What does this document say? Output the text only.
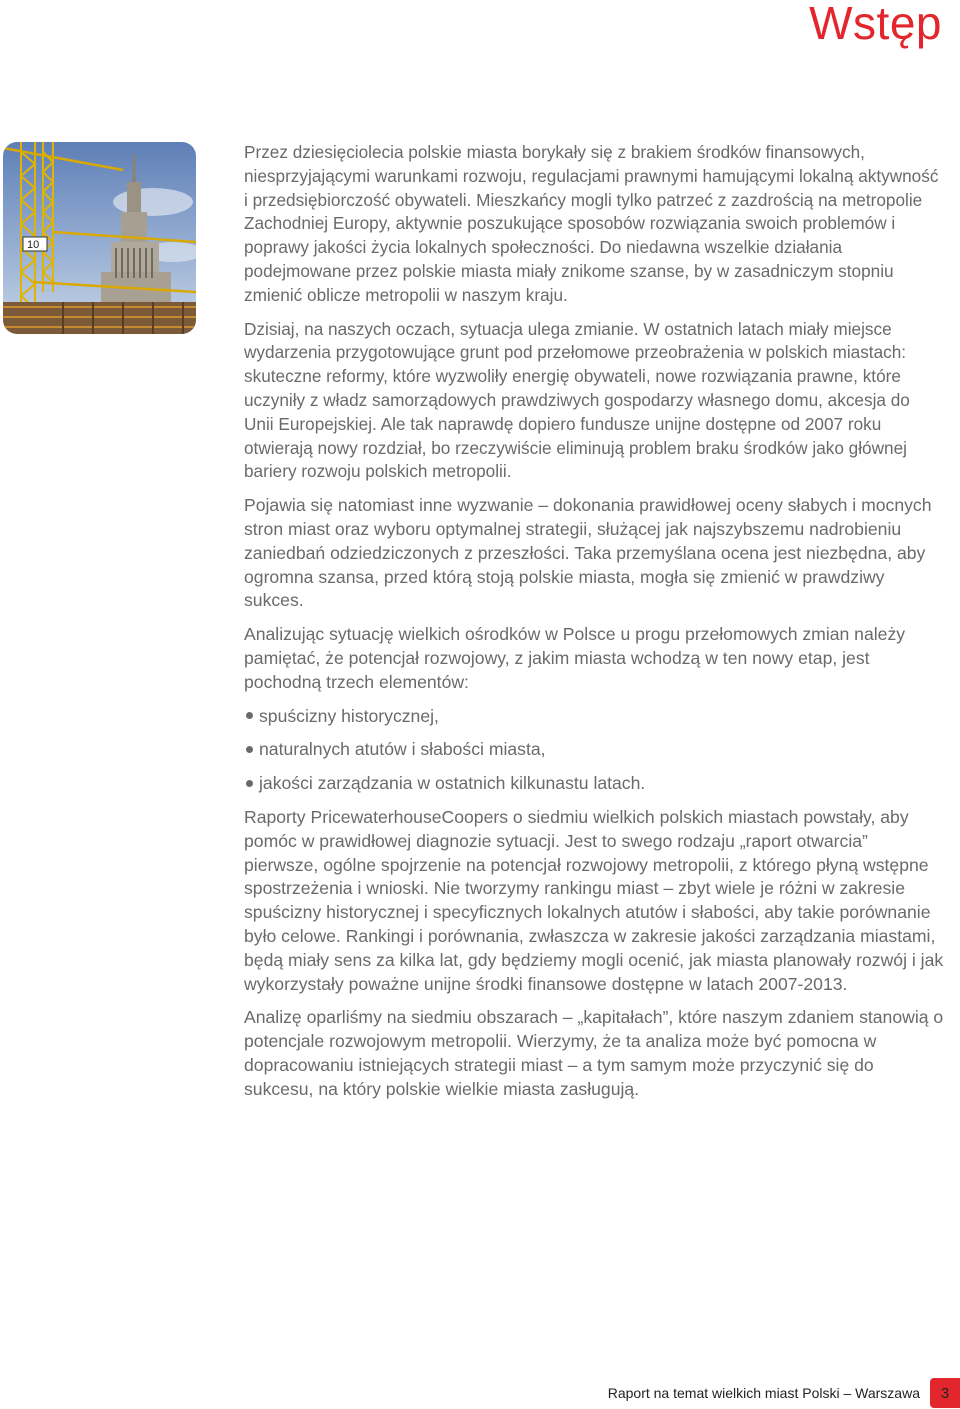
Wstęp
10

Przez dziesięciolecia polskie miasta borykały się z brakiem środków finansowych, niesprzyjającymi warunkami rozwoju, regulacjami prawnymi hamującymi lokalną aktywność i przedsiębiorczość obywateli. Mieszkańcy mogli tylko patrzeć z zazdrością na metropolie Zachodniej Europy, aktywnie poszukujące sposobów rozwiązania swoich problemów i poprawy jakości życia lokalnych społeczności. Do niedawna wszelkie działania podejmowane przez polskie miasta miały znikome szanse, by w zasadniczym stopniu zmienić oblicze metropolii w naszym kraju.

Dzisiaj, na naszych oczach, sytuacja ulega zmianie. W ostatnich latach miały miejsce wydarzenia przygotowujące grunt pod przełomowe przeobrażenia w polskich miastach: skuteczne reformy, które wyzwoliły energię obywateli, nowe rozwiązania prawne, które uczyniły z władz samorządowych prawdziwych gospodarzy własnego domu, akcesja do Unii Europejskiej. Ale tak naprawdę dopiero fundusze unijne dostępne od 2007 roku otwierają nowy rozdział, bo rzeczywiście eliminują problem braku środków jako głównej bariery rozwoju polskich metropolii.

Pojawia się natomiast inne wyzwanie – dokonania prawidłowej oceny słabych i mocnych stron miast oraz wyboru optymalnej strategii, służącej jak najszybszemu nadrobieniu zaniedbań odziedziczonych z przeszłości. Taka przemyślana ocena jest niezbędna, aby ogromna szansa, przed którą stoją polskie miasta, mogła się zmienić w prawdziwy sukces.

Analizując sytuację wielkich ośrodków w Polsce u progu przełomowych zmian należy pamiętać, że potencjał rozwojowy, z jakim miasta wchodzą w ten nowy etap, jest pochodną trzech elementów:

spuścizny historycznej,
naturalnych atutów i słabości miasta,
jakości zarządzania w ostatnich kilkunastu latach.

Raporty PricewaterhouseCoopers o siedmiu wielkich polskich miastach powstały, aby pomóc w prawidłowej diagnozie sytuacji. Jest to swego rodzaju „raport otwarcia” pierwsze, ogólne spojrzenie na potencjał rozwojowy metropolii, z którego płyną wstępne spostrzeżenia i wnioski. Nie tworzymy rankingu miast – zbyt wiele je różni w zakresie spuścizny historycznej i specyficznych lokalnych atutów i słabości, aby takie porównanie było celowe. Rankingi i porównania, zwłaszcza w zakresie jakości zarządzania miastami, będą miały sens za kilka lat, gdy będziemy mogli ocenić, jak miasta planowały rozwój i jak wykorzystały poważne unijne środki finansowe dostępne w latach 2007-2013.

Analizę oparliśmy na siedmiu obszarach – „kapitałach”, które naszym zdaniem stanowią o potencjale rozwojowym metropolii. Wierzymy, że ta analiza może być pomocna w dopracowaniu istniejących strategii miast – a tym samym może przyczynić się do sukcesu, na który polskie wielkie miasta zasługują.

Raport na temat wielkich miast Polski – Warszawa	3
